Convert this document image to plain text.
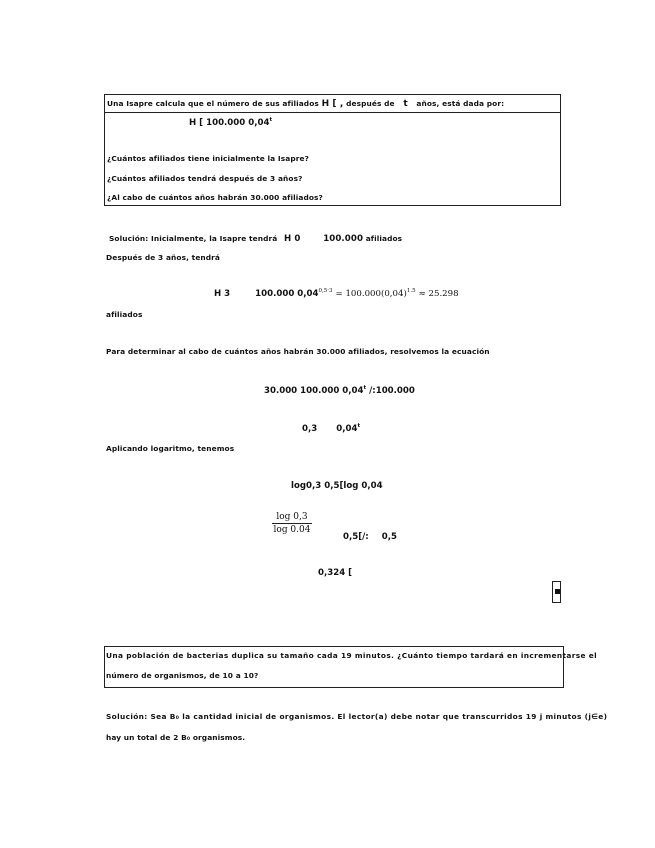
Una Isapre calcula que el número de sus afiliados H [ , después de t años, está dada por:
H [ 100.000 0,04$^t$
¿Cuántos afiliados tiene inicialmente la Isapre?
¿Cuántos afiliados tendrá después de 3 años?
¿Al cabo de cuántos años habrán 30.000 afiliados?
Solución: Inicialmente, la Isapre tendrá H 0	100.000 afiliados
Después de 3 años, tendrá
H 3	100.000 $0,04^{0,5\cdot 3} = 100.000(0,04)^{1.5} \approx 25.298$
afiliados
Para determinar al cabo de cuántos años habrán 30.000 afiliados, resolvemos la ecuación
30.000 100.000 0,04$^t$ /:100.000
0,3 0,04$^t$
Aplicando logaritmo, tenemos
log0,3 0,5[log 0,04
log 0,3
log 0.04
0,5[/: 0,5
0,324 [
Una población de bacterias duplica su tamaño cada 19 minutos. ¿Cuánto tiempo tardará en incrementarse el
número de organismos, de 10 a 10?
Solución: Sea B₀ la cantidad inicial de organismos. El lector(a) debe notar que transcurridos 19 j minutos (j∈e)
hay un total de 2 B₀ organismos.
